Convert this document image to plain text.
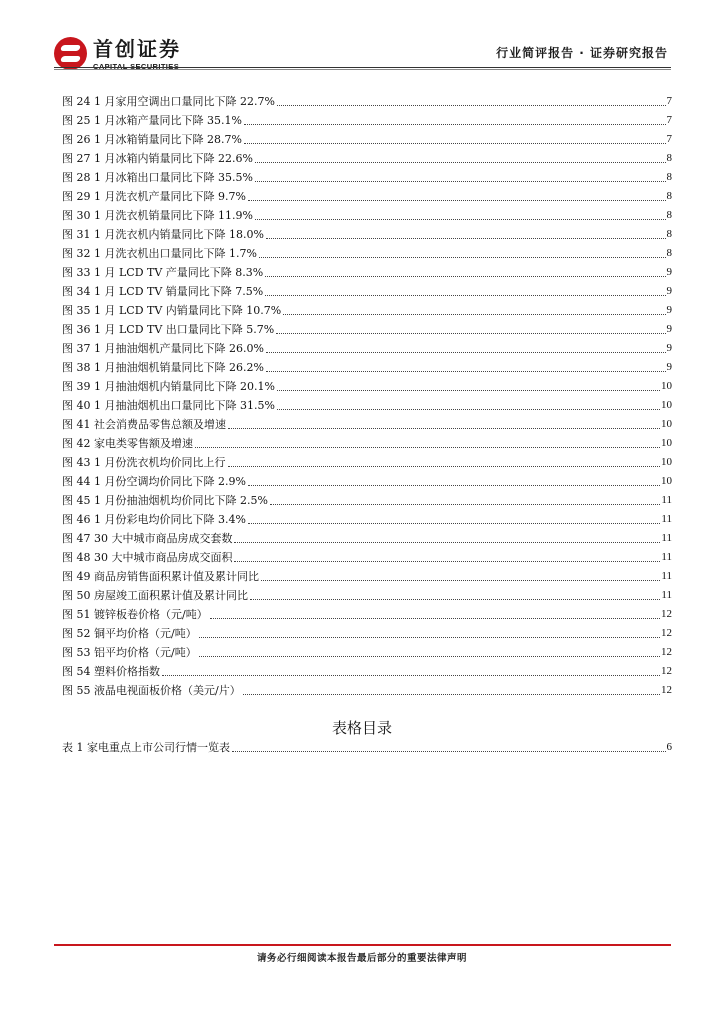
首创证券	行业简评报告 · 证券研究报告
图 24 1 月家用空调出口量同比下降 22.7%	7
图 25 1 月冰箱产量同比下降 35.1%	7
图 26 1 月冰箱销量同比下降 28.7%	7
图 27 1 月冰箱内销量同比下降 22.6%	8
图 28 1 月冰箱出口量同比下降 35.5%	8
图 29 1 月洗衣机产量同比下降 9.7%	8
图 30 1 月洗衣机销量同比下降 11.9%	8
图 31 1 月洗衣机内销量同比下降 18.0%	8
图 32 1 月洗衣机出口量同比下降 1.7%	8
图 33 1 月 LCD TV 产量同比下降 8.3%	9
图 34 1 月 LCD TV 销量同比下降 7.5%	9
图 35 1 月 LCD TV 内销量同比下降 10.7%	9
图 36 1 月 LCD TV 出口量同比下降 5.7%	9
图 37 1 月抽油烟机产量同比下降 26.0%	9
图 38 1 月抽油烟机销量同比下降 26.2%	9
图 39 1 月抽油烟机内销量同比下降 20.1%	10
图 40 1 月抽油烟机出口量同比下降 31.5%	10
图 41 社会消费品零售总额及增速	10
图 42 家电类零售额及增速	10
图 43 1 月份洗衣机均价同比上行	10
图 44 1 月份空调均价同比下降 2.9%	10
图 45 1 月份抽油烟机均价同比下降 2.5%	11
图 46 1 月份彩电均价同比下降 3.4%	11
图 47 30 大中城市商品房成交套数	11
图 48 30 大中城市商品房成交面积	11
图 49 商品房销售面积累计值及累计同比	11
图 50 房屋竣工面积累计值及累计同比	11
图 51 镀锌板卷价格（元/吨）	12
图 52 铜平均价格（元/吨）	12
图 53 铝平均价格（元/吨）	12
图 54 塑料价格指数	12
图 55 液晶电视面板价格（美元/片）	12
表格目录
表 1 家电重点上市公司行情一览表	6
请务必行细阅读本报告最后部分的重要法律声明
